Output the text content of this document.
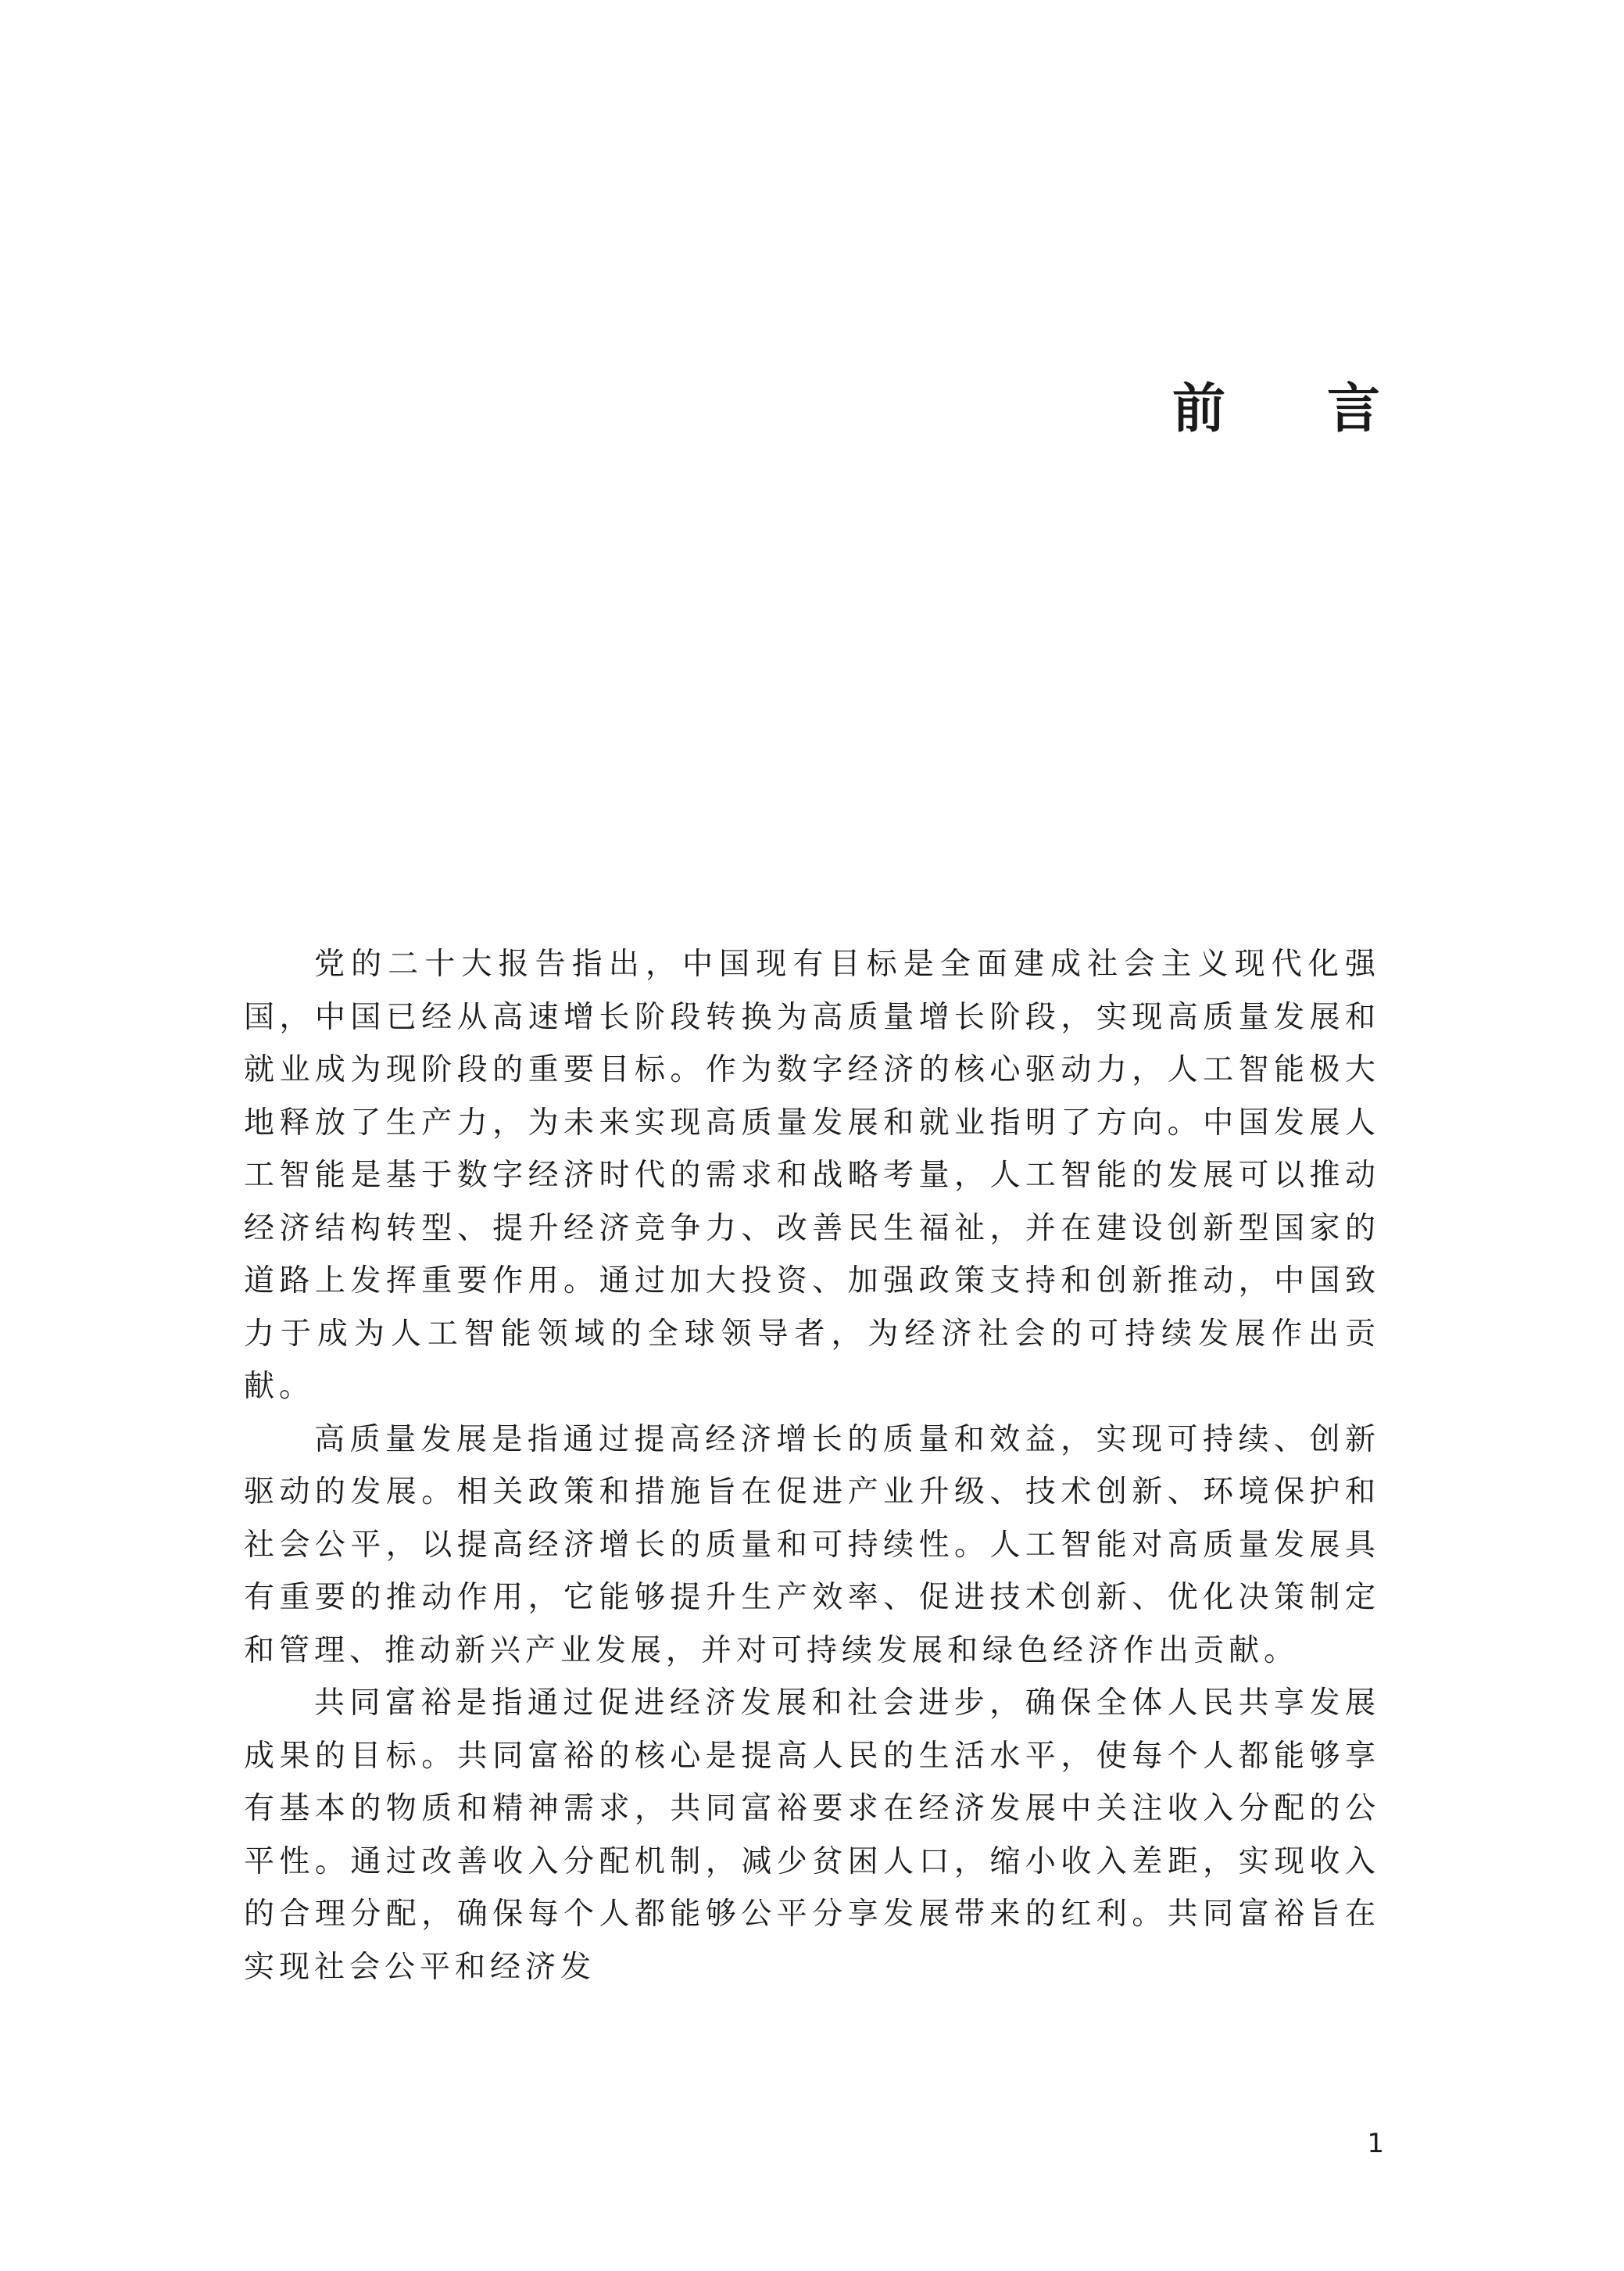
前 言

党的二十大报告指出，中国现有目标是全面建成社会主义现代化强国，中国已经从高速增长阶段转换为高质量增长阶段，实现高质量发展和就业成为现阶段的重要目标。作为数字经济的核心驱动力，人工智能极大地释放了生产力，为未来实现高质量发展和就业指明了方向。中国发展人工智能是基于数字经济时代的需求和战略考量，人工智能的发展可以推动经济结构转型、提升经济竞争力、改善民生福祉，并在建设创新型国家的道路上发挥重要作用。通过加大投资、加强政策支持和创新推动，中国致力于成为人工智能领域的全球领导者，为经济社会的可持续发展作出贡献。

高质量发展是指通过提高经济增长的质量和效益，实现可持续、创新驱动的发展。相关政策和措施旨在促进产业升级、技术创新、环境保护和社会公平，以提高经济增长的质量和可持续性。人工智能对高质量发展具有重要的推动作用，它能够提升生产效率、促进技术创新、优化决策制定和管理、推动新兴产业发展，并对可持续发展和绿色经济作出贡献。

共同富裕是指通过促进经济发展和社会进步，确保全体人民共享发展成果的目标。共同富裕的核心是提高人民的生活水平，使每个人都能够享有基本的物质和精神需求，共同富裕要求在经济发展中关注收入分配的公平性。通过改善收入分配机制，减少贫困人口，缩小收入差距，实现收入的合理分配，确保每个人都能够公平分享发展带来的红利。共同富裕旨在实现社会公平和经济发

1
